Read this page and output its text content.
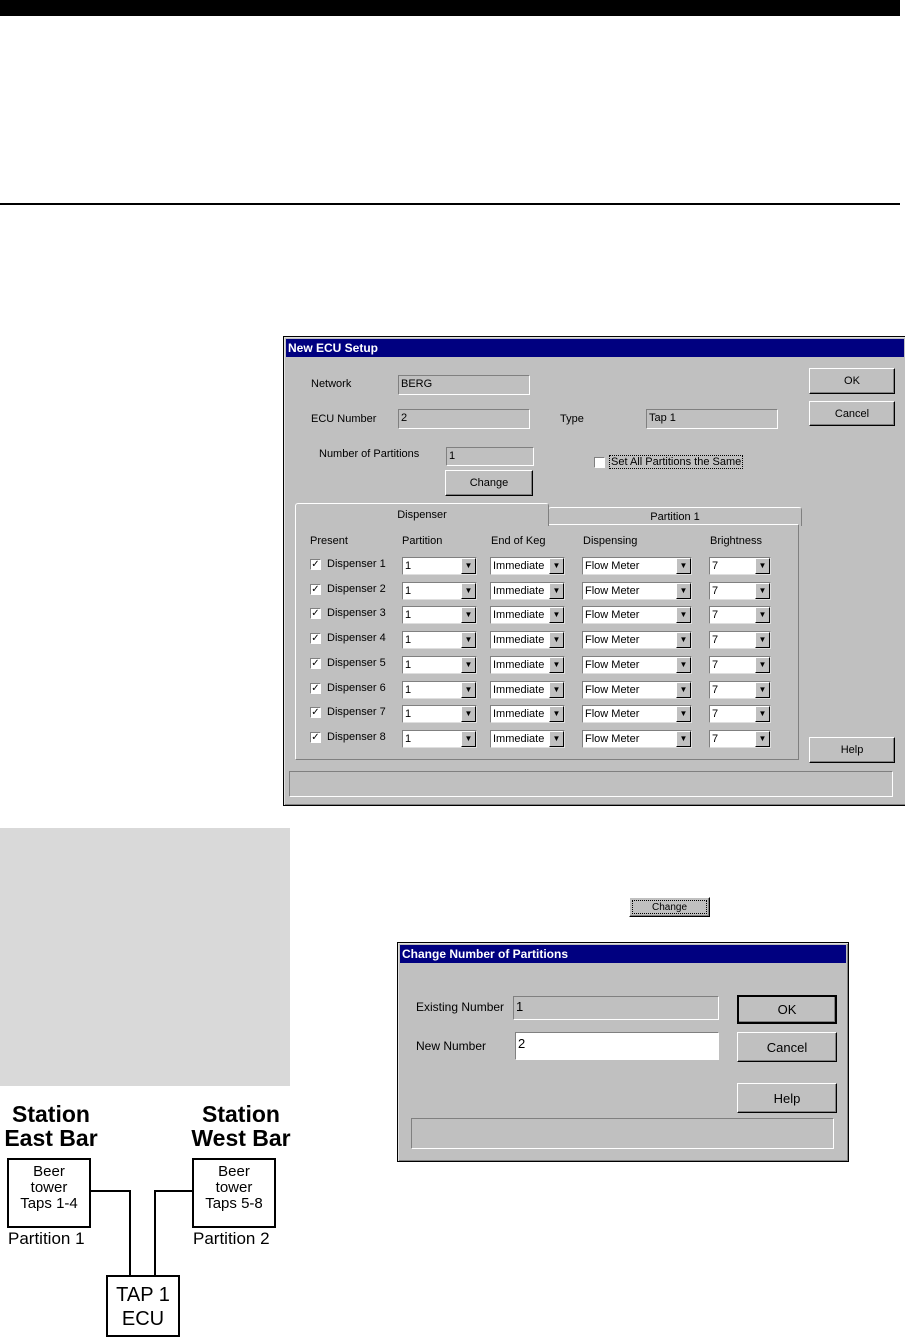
New ECU Setup
Network	BERG
ECU Number 2	Type	Tap 1
Number of Partitions	1
Change
Set All Partitions the Same
OK
Cancel
Help
Dispenser	Partition 1
Present	Partition	End of Keg	Dispensing	Brightness
✓ Dispenser 1 1	▼	Immediate	▼	Flow Meter	▼	7	▼
✓ Dispenser 2 1	▼	Immediate	▼	Flow Meter	▼	7	▼
✓ Dispenser 3 1	▼	Immediate	▼	Flow Meter	▼	7	▼
✓ Dispenser 4 1	▼	Immediate	▼	Flow Meter	▼	7	▼
✓ Dispenser 5 1	▼	Immediate	▼	Flow Meter	▼	7	▼
✓ Dispenser 6 1	▼	Immediate	▼	Flow Meter	▼	7	▼
✓ Dispenser 7 1	▼	Immediate	▼	Flow Meter	▼	7	▼
✓ Dispenser 8 1	▼	Immediate	▼	Flow Meter	▼	7	▼
Change
Change Number of Partitions
Existing Number 1
New Number 2
OK
Cancel
Help
Station
East Bar
Station
West Bar
Beer
tower
Taps 1-4
Beer
tower
Taps 5-8
Partition 1	Partition 2
TAP 1
ECU
